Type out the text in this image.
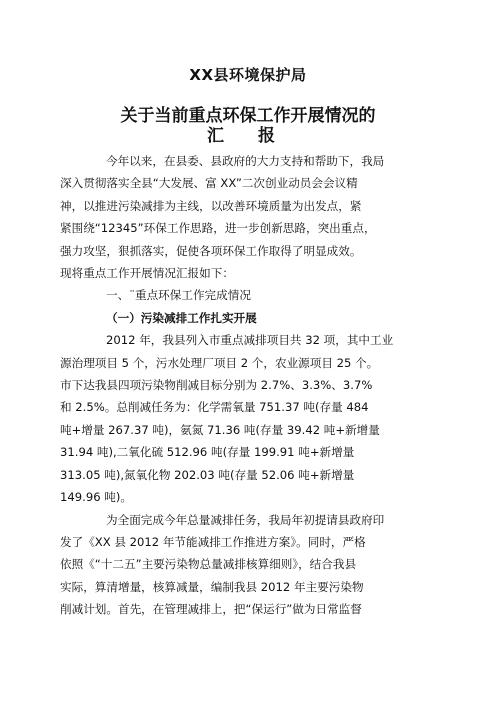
XX县环境保护局
关于当前重点环保工作开展情况的
汇 报

今年以来，在县委、县政府的大力支持和帮助下，我局

深入贯彻落实全县“大发展、富 XX”二次创业动员会会议精

神，以推进污染减排为主线，以改善环境质量为出发点，紧

紧围绕“12345”环保工作思路，进一步创新思路，突出重点，

强力攻坚，狠抓落实，促使各项环保工作取得了明显成效。

现将重点工作开展情况汇报如下：

一、¨重点环保工作完成情况

（一）污染减排工作扎实开展

2012 年，我县列入市重点减排项目共 32 项，其中工业

源治理项目 5 个，污水处理厂项目 2 个，农业源项目 25 个。

市下达我县四项污染物削减目标分别为 2.7%、3.3%、3.7%

和 2.5%。总削减任务为：化学需氧量 751.37 吨(存量 484

吨+增量 267.37 吨)，氨氮 71.36 吨(存量 39.42 吨+新增量

31.94 吨),二氧化硫 512.96 吨(存量 199.91 吨+新增量

313.05 吨),氮氧化物 202.03 吨(存量 52.06 吨+新增量

149.96 吨)。

为全面完成今年总量减排任务，我局年初提请县政府印

发了《XX 县 2012 年节能减排工作推进方案》。同时，严格

依照《“十二五”主要污染物总量减排核算细则》，结合我县

实际，算清增量，核算减量，编制我县 2012 年主要污染物

削减计划。首先，在管理减排上，把“保运行”做为日常监督
